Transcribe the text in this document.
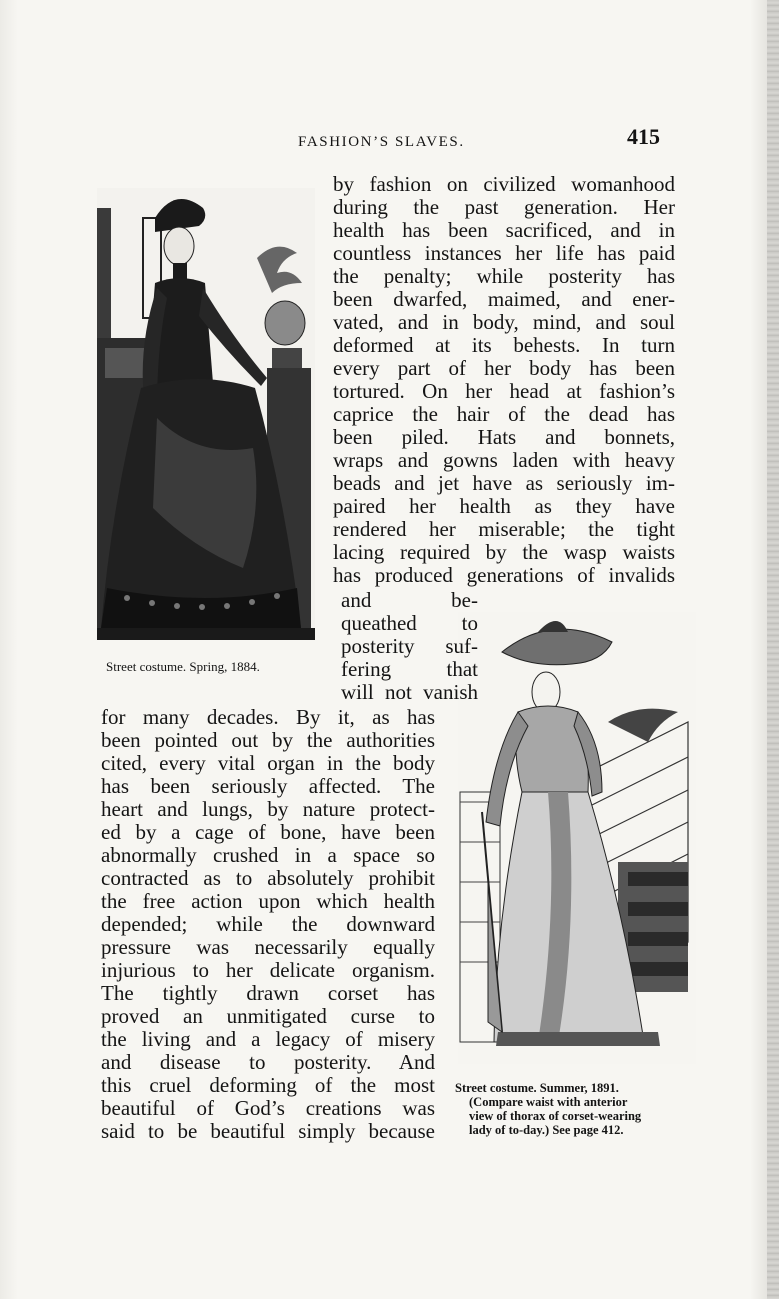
FASHION’S SLAVES.	415
Street costume. Spring, 1884.
Street costume. Summer, 1891.
(Compare waist with anterior
view of thorax of corset-wearing
lady of to-day.) See page 412.
by fashion on civilized womanhood
during the past generation. Her
health has been sacrificed, and in
countless instances her life has paid
the penalty; while posterity has
been dwarfed, maimed, and ener-
vated, and in body, mind, and soul
deformed at its behests. In turn
every part of her body has been
tortured. On her head at fashion’s
caprice the hair of the dead has
been piled. Hats and bonnets,
wraps and gowns laden with heavy
beads and jet have as seriously im-
paired her health as they have
rendered her miserable; the tight
lacing required by the wasp waists
has produced generations of invalids
and be-
queathed to
posterity suf-
fering that
will not vanish
for many decades. By it, as has
been pointed out by the authorities
cited, every vital organ in the body
has been seriously affected. The
heart and lungs, by nature protect-
ed by a cage of bone, have been
abnormally crushed in a space so
contracted as to absolutely prohibit
the free action upon which health
depended; while the downward
pressure was necessarily equally
injurious to her delicate organism.
The tightly drawn corset has
proved an unmitigated curse to
the living and a legacy of misery
and disease to posterity. And
this cruel deforming of the most
beautiful of God’s creations was
said to be beautiful simply because
